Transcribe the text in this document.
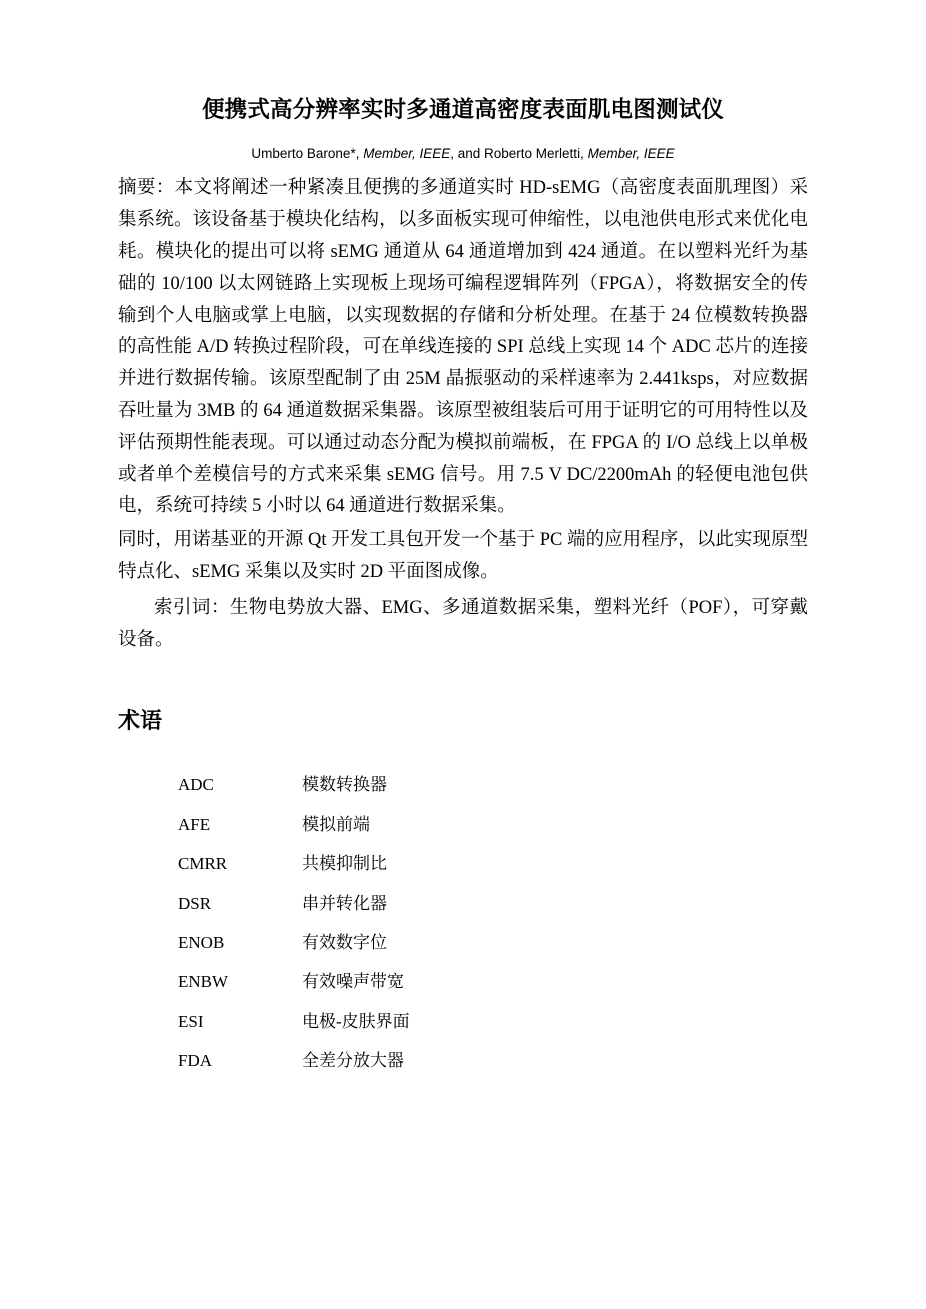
便携式高分辨率实时多通道高密度表面肌电图测试仪
Umberto Barone*, Member, IEEE, and Roberto Merletti, Member, IEEE

摘要：本文将阐述一种紧凑且便携的多通道实时 HD-sEMG（高密度表面肌理图）采集系统。该设备基于模块化结构，以多面板实现可伸缩性，以电池供电形式来优化电耗。模块化的提出可以将 sEMG 通道从 64 通道增加到 424 通道。在以塑料光纤为基础的 10/100 以太网链路上实现板上现场可编程逻辑阵列（FPGA），将数据安全的传输到个人电脑或掌上电脑，以实现数据的存储和分析处理。在基于 24 位模数转换器的高性能 A/D 转换过程阶段，可在单线连接的 SPI 总线上实现 14 个 ADC 芯片的连接并进行数据传输。该原型配制了由 25M 晶振驱动的采样速率为 2.441ksps，对应数据吞吐量为 3MB 的 64 通道数据采集器。该原型被组装后可用于证明它的可用特性以及评估预期性能表现。可以通过动态分配为模拟前端板，在 FPGA 的 I/O 总线上以单极或者单个差模信号的方式来采集 sEMG 信号。用 7.5 V DC/2200mAh 的轻便电池包供电，系统可持续 5 小时以 64 通道进行数据采集。

同时，用诺基亚的开源 Qt 开发工具包开发一个基于 PC 端的应用程序，以此实现原型特点化、sEMG 采集以及实时 2D 平面图成像。

索引词：生物电势放大器、EMG、多通道数据采集，塑料光纤（POF），可穿戴设备。
术语
ADC	模数转换器
AFE	模拟前端
CMRR	共模抑制比
DSR	串并转化器
ENOB	有效数字位
ENBW	有效噪声带宽
ESI	电极-皮肤界面
FDA	全差分放大器
